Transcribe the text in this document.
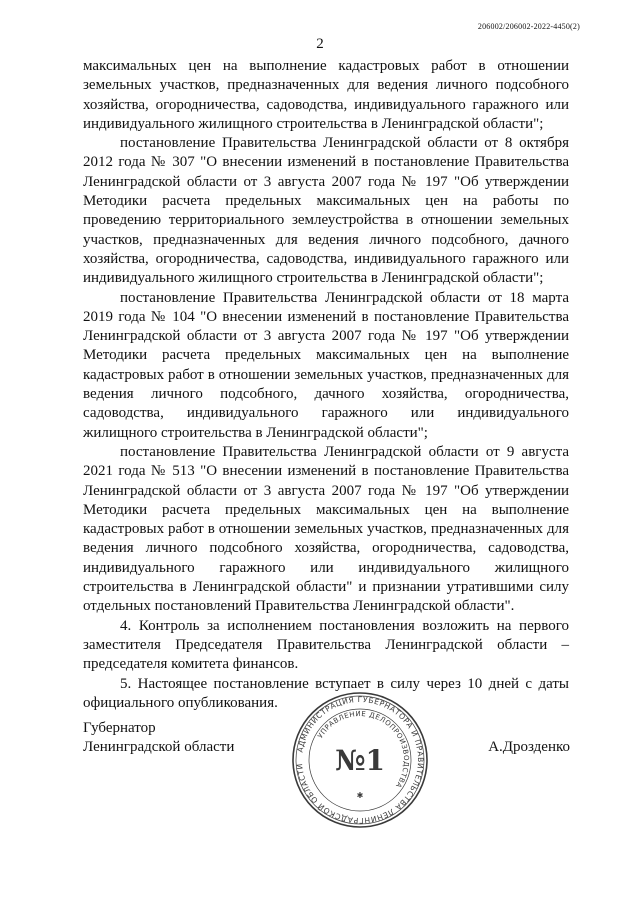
206002/206002-2022-4450(2)
2

максимальных цен на выполнение кадастровых работ в отношении земельных участков, предназначенных для ведения личного подсобного хозяйства, огородничества, садоводства, индивидуального гаражного или индивидуального жилищного строительства в Ленинградской области";

постановление Правительства Ленинградской области от 8 октября 2012 года № 307 "О внесении изменений в постановление Правительства Ленинградской области от 3 августа 2007 года № 197 "Об утверждении Методики расчета предельных максимальных цен на работы по проведению территориального землеустройства в отношении земельных участков, предназначенных для ведения личного подсобного, дачного хозяйства, огородничества, садоводства, индивидуального гаражного или индивидуального жилищного строительства в Ленинградской области";

постановление Правительства Ленинградской области от 18 марта 2019 года № 104 "О внесении изменений в постановление Правительства Ленинградской области от 3 августа 2007 года № 197 "Об утверждении Методики расчета предельных максимальных цен на выполнение кадастровых работ в отношении земельных участков, предназначенных для ведения личного подсобного, дачного хозяйства, огородничества, садоводства, индивидуального гаражного или индивидуального жилищного строительства в Ленинградской области";

постановление Правительства Ленинградской области от 9 августа 2021 года № 513 "О внесении изменений в постановление Правительства Ленинградской области от 3 августа 2007 года № 197 "Об утверждении Методики расчета предельных максимальных цен на выполнение кадастровых работ в отношении земельных участков, предназначенных для ведения личного подсобного хозяйства, огородничества, садоводства, индивидуального гаражного или индивидуального жилищного строительства в Ленинградской области" и признании утратившими силу отдельных постановлений Правительства Ленинградской области".

4. Контроль за исполнением постановления возложить на первого заместителя Председателя Правительства Ленинградской области – председателя комитета финансов.

5. Настоящее постановление вступает в силу через 10 дней с даты официального опубликования.

Губернатор
Ленинградской области	АДМИНИСТРАЦИЯ ГУБЕРНАТОРА И ПРАВИТЕЛЬСТВА ЛЕНИНГРАДСКОЙ ОБЛАСТИ
УПРАВЛЕНИЕ ДЕЛОПРОИЗВОДСТВА
№1
✱
А.Дрозденко
